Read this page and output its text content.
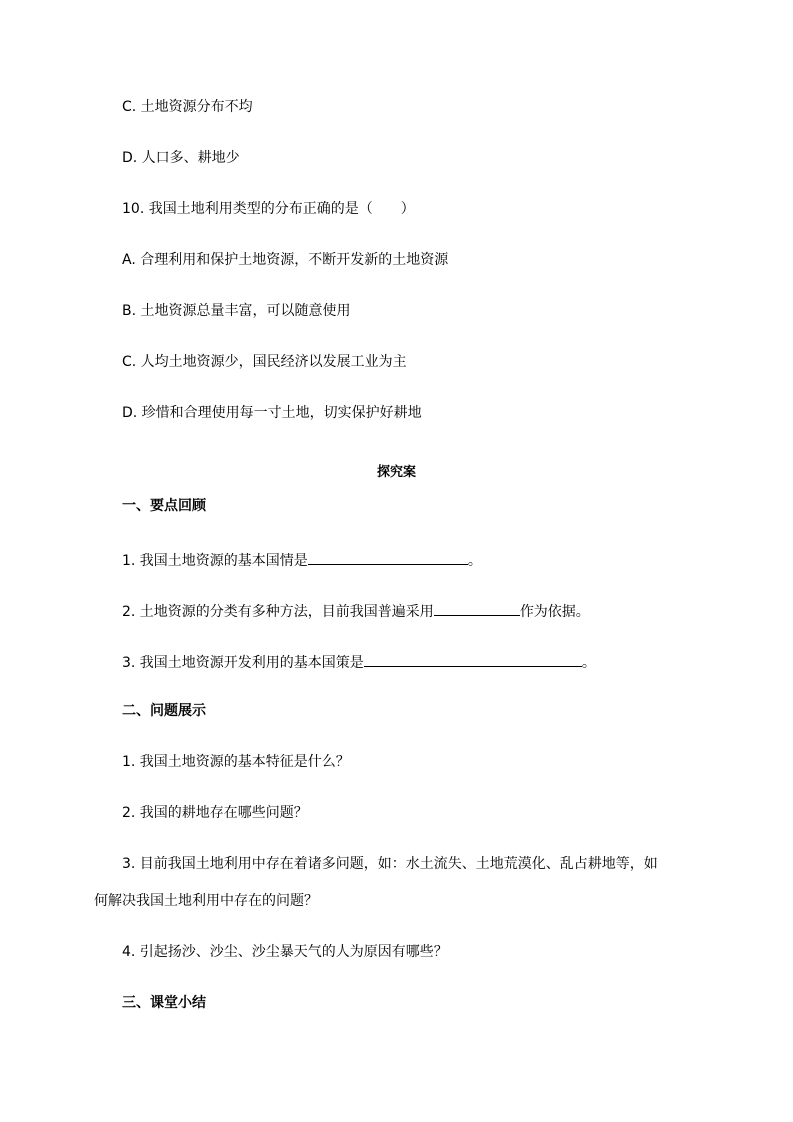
C. 土地资源分布不均
D. 人口多、耕地少
10. 我国土地利用类型的分布正确的是（　　）
A. 合理利用和保护土地资源，不断开发新的土地资源
B. 土地资源总量丰富，可以随意使用
C. 人均土地资源少，国民经济以发展工业为主
D. 珍惜和合理使用每一寸土地，切实保护好耕地
探究案
一、要点回顾
1. 我国土地资源的基本国情是	。
2. 土地资源的分类有多种方法，目前我国普遍采用	作为依据。
3. 我国土地资源开发利用的基本国策是	。
二、问题展示
1. 我国土地资源的基本特征是什么？
2. 我国的耕地存在哪些问题？
3. 目前我国土地利用中存在着诸多问题，如：水土流失、土地荒漠化、乱占耕地等，如
何解决我国土地利用中存在的问题？
4. 引起扬沙、沙尘、沙尘暴天气的人为原因有哪些？
三、课堂小结
